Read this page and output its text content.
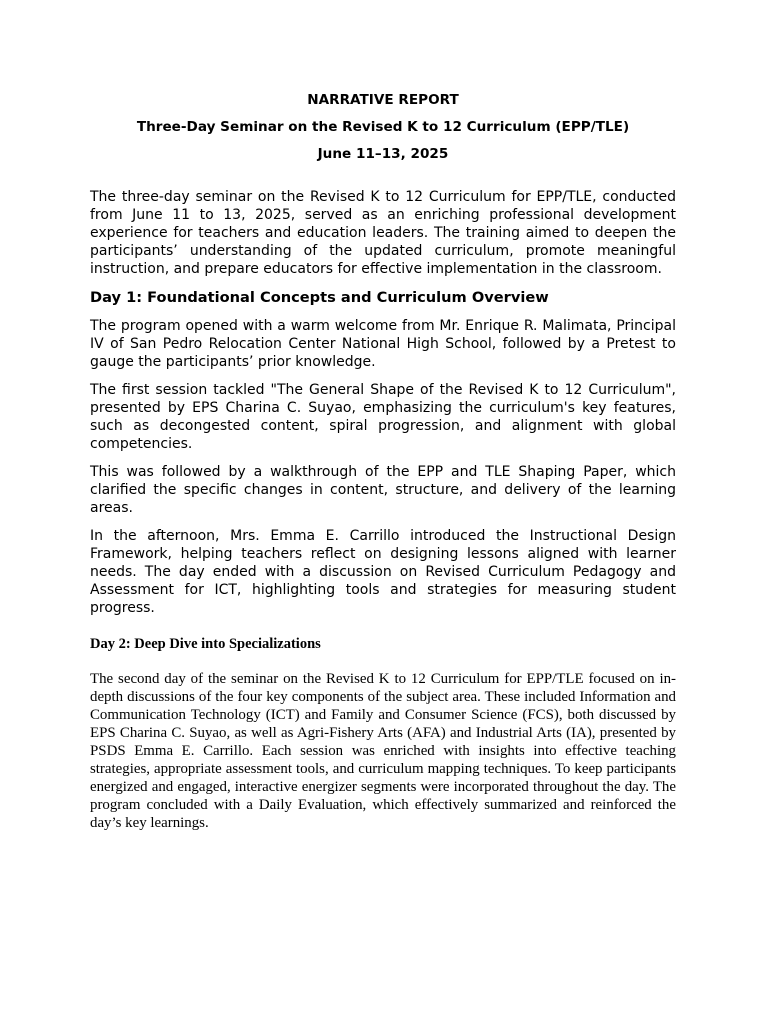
NARRATIVE REPORT

Three-Day Seminar on the Revised K to 12 Curriculum (EPP/TLE)

June 11–13, 2025

The three-day seminar on the Revised K to 12 Curriculum for EPP/TLE, conducted from June 11 to 13, 2025, served as an enriching professional development experience for teachers and education leaders. The training aimed to deepen the participants’ understanding of the updated curriculum, promote meaningful instruction, and prepare educators for effective implementation in the classroom.

Day 1: Foundational Concepts and Curriculum Overview

The program opened with a warm welcome from Mr. Enrique R. Malimata, Principal IV of San Pedro Relocation Center National High School, followed by a Pretest to gauge the participants’ prior knowledge.

The first session tackled "The General Shape of the Revised K to 12 Curriculum", presented by EPS Charina C. Suyao, emphasizing the curriculum's key features, such as decongested content, spiral progression, and alignment with global competencies.

This was followed by a walkthrough of the EPP and TLE Shaping Paper, which clarified the specific changes in content, structure, and delivery of the learning areas.

In the afternoon, Mrs. Emma E. Carrillo introduced the Instructional Design Framework, helping teachers reflect on designing lessons aligned with learner needs. The day ended with a discussion on Revised Curriculum Pedagogy and Assessment for ICT, highlighting tools and strategies for measuring student progress.

Day 2: Deep Dive into Specializations

The second day of the seminar on the Revised K to 12 Curriculum for EPP/TLE focused on in-depth discussions of the four key components of the subject area. These included Information and Communication Technology (ICT) and Family and Consumer Science (FCS), both discussed by EPS Charina C. Suyao, as well as Agri-Fishery Arts (AFA) and Industrial Arts (IA), presented by PSDS Emma E. Carrillo. Each session was enriched with insights into effective teaching strategies, appropriate assessment tools, and curriculum mapping techniques. To keep participants energized and engaged, interactive energizer segments were incorporated throughout the day. The program concluded with a Daily Evaluation, which effectively summarized and reinforced the day’s key learnings.
